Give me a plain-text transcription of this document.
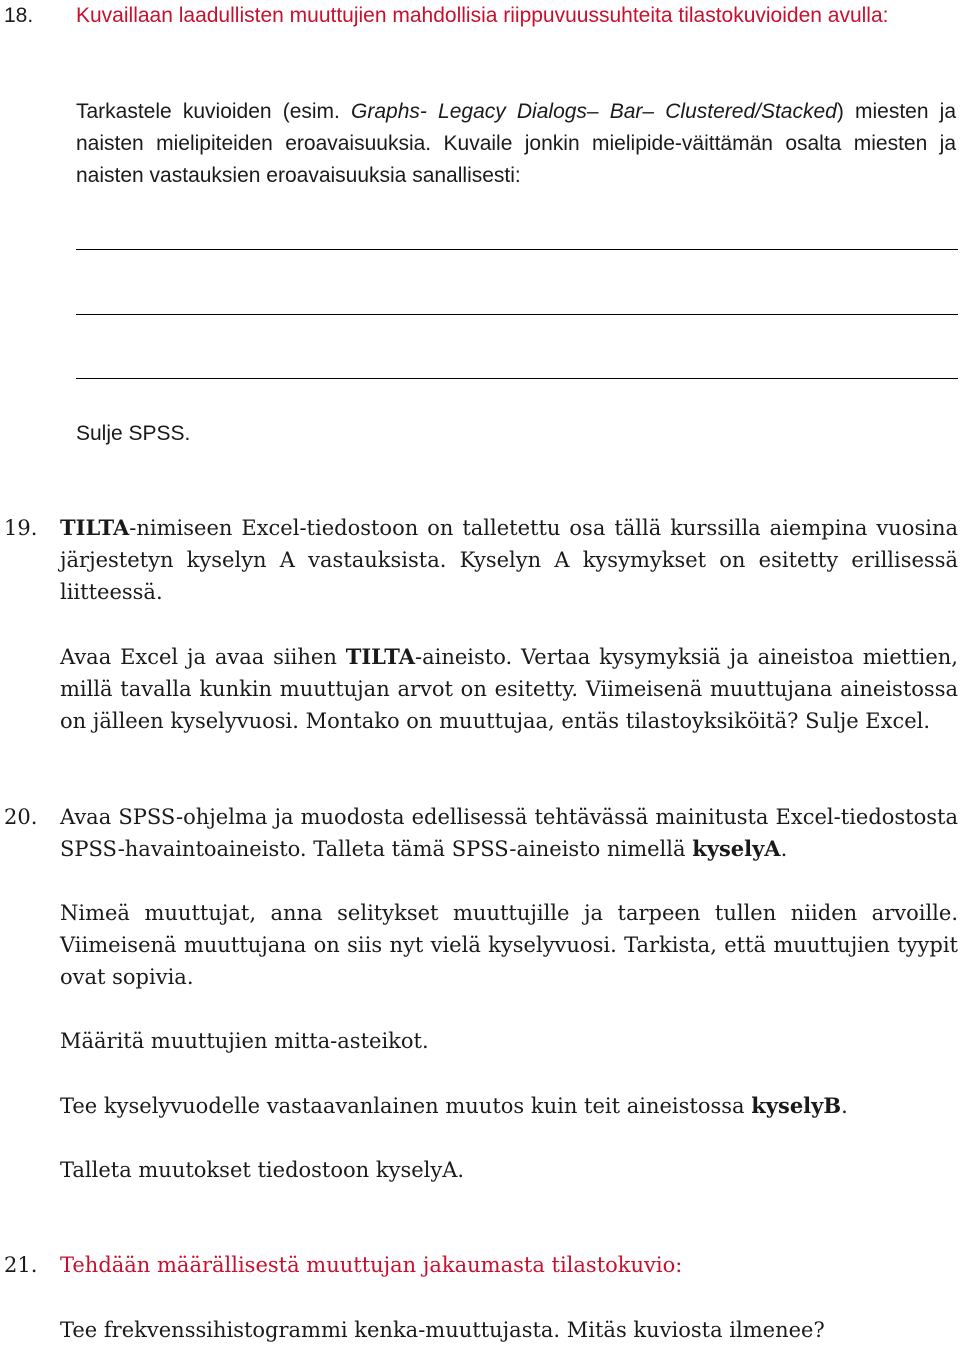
18. Kuvaillaan laadullisten muuttujien mahdollisia riippuvuussuhteita tilastokuvioiden avulla:
Tarkastele kuvioiden (esim. Graphs- Legacy Dialogs– Bar– Clustered/Stacked) miesten ja naisten mielipiteiden eroavaisuuksia. Kuvaile jonkin mielipide-väittämän osalta miesten ja naisten vastauksien eroavaisuuksia sanallisesti:
Sulje SPSS.
19. TILTA-nimiseen Excel-tiedostoon on talletettu osa tällä kurssilla aiempina vuosina järjestetyn kyselyn A vastauksista. Kyselyn A kysymykset on esitetty erillisessä liitteessä.
Avaa Excel ja avaa siihen TILTA-aineisto. Vertaa kysymyksiä ja aineistoa miettien, millä tavalla kunkin muuttujan arvot on esitetty. Viimeisenä muuttujana aineistossa on jälleen kyselyvuosi. Montako on muuttujaa, entäs tilastoyksiköitä? Sulje Excel.
20. Avaa SPSS-ohjelma ja muodosta edellisessä tehtävässä mainitusta Excel-tiedostosta SPSS-havaintoaineisto. Talleta tämä SPSS-aineisto nimellä kyselyA.
Nimeä muuttujat, anna selitykset muuttujille ja tarpeen tullen niiden arvoille. Viimeisenä muuttujana on siis nyt vielä kyselyvuosi. Tarkista, että muuttujien tyypit ovat sopivia.
Määritä muuttujien mitta-asteikot.
Tee kyselyvuodelle vastaavanlainen muutos kuin teit aineistossa kyselyB.
Talleta muutokset tiedostoon kyselyA.
21. Tehdään määrällisestä muuttujan jakaumasta tilastokuvio:
Tee frekvenssihistogrammi kenka-muuttujasta. Mitäs kuviosta ilmenee?
